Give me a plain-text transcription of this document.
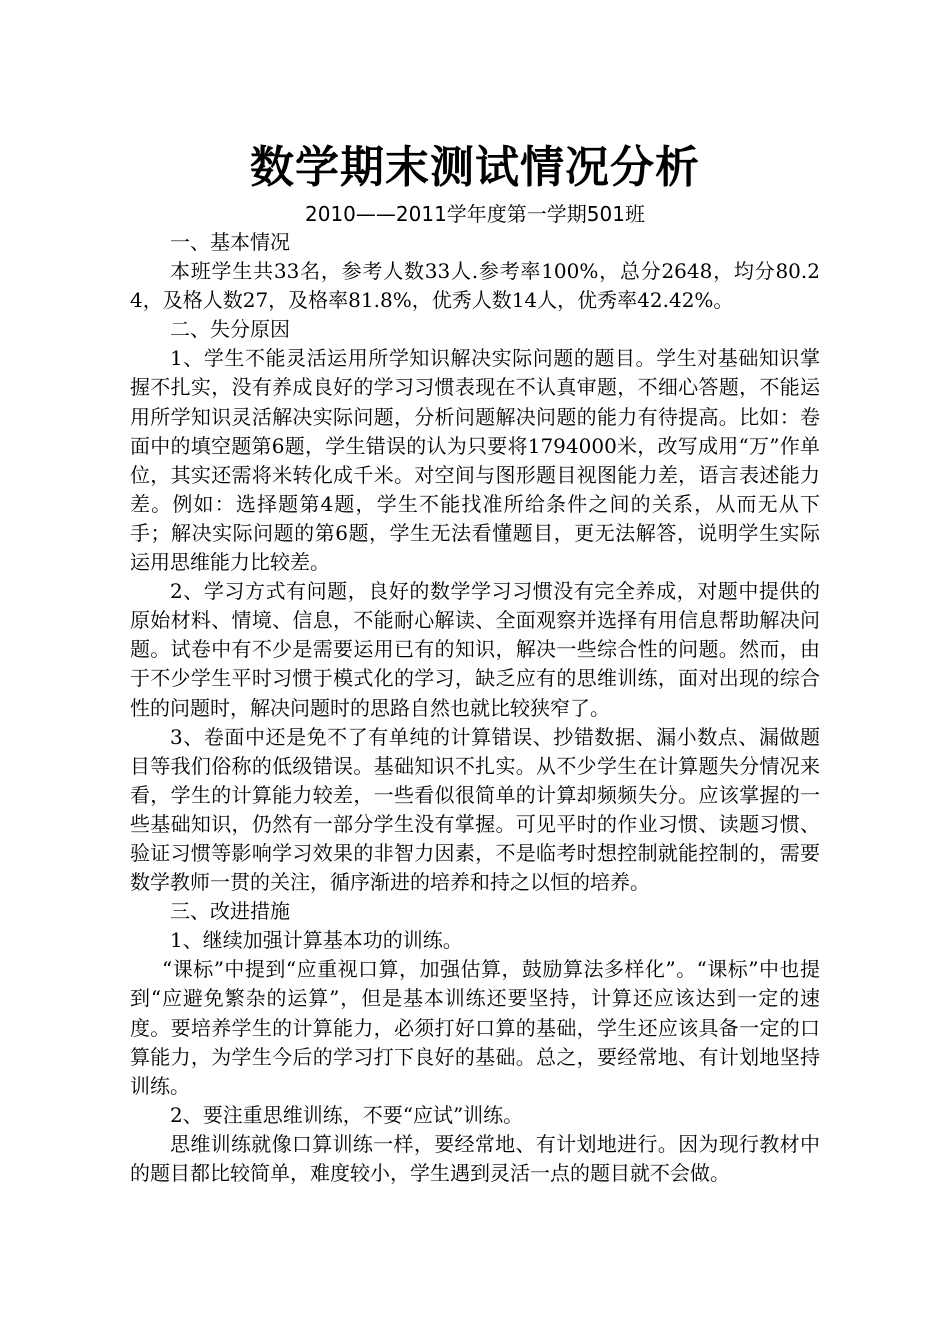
数学期末测试情况分析
2010——2011学年度第一学期501班

一、基本情况

本班学生共33名，参考人数33人.参考率100%，总分2648，均分80.24，及格人数27，及格率81.8%，优秀人数14人，优秀率42.42%。

二、失分原因

1、学生不能灵活运用所学知识解决实际问题的题目。学生对基础知识掌握不扎实，没有养成良好的学习习惯表现在不认真审题，不细心答题，不能运用所学知识灵活解决实际问题，分析问题解决问题的能力有待提高。比如：卷面中的填空题第6题，学生错误的认为只要将1794000米，改写成用“万”作单位，其实还需将米转化成千米。对空间与图形题目视图能力差，语言表述能力差。例如：选择题第4题，学生不能找准所给条件之间的关系，从而无从下手；解决实际问题的第6题，学生无法看懂题目，更无法解答，说明学生实际运用思维能力比较差。

2、学习方式有问题，良好的数学学习习惯没有完全养成，对题中提供的原始材料、情境、信息，不能耐心解读、全面观察并选择有用信息帮助解决问题。试卷中有不少是需要运用已有的知识，解决一些综合性的问题。然而，由于不少学生平时习惯于模式化的学习，缺乏应有的思维训练，面对出现的综合性的问题时，解决问题时的思路自然也就比较狭窄了。

3、卷面中还是免不了有单纯的计算错误、抄错数据、漏小数点、漏做题目等我们俗称的低级错误。基础知识不扎实。从不少学生在计算题失分情况来看，学生的计算能力较差，一些看似很简单的计算却频频失分。应该掌握的一些基础知识，仍然有一部分学生没有掌握。可见平时的作业习惯、读题习惯、验证习惯等影响学习效果的非智力因素，不是临考时想控制就能控制的，需要数学教师一贯的关注，循序渐进的培养和持之以恒的培养。

三、改进措施

1、继续加强计算基本功的训练。

“课标”中提到“应重视口算，加强估算，鼓励算法多样化”。“课标”中也提到“应避免繁杂的运算”，但是基本训练还要坚持，计算还应该达到一定的速度。要培养学生的计算能力，必须打好口算的基础，学生还应该具备一定的口算能力，为学生今后的学习打下良好的基础。总之，要经常地、有计划地坚持训练。

2、要注重思维训练，不要“应试”训练。

思维训练就像口算训练一样，要经常地、有计划地进行。因为现行教材中的题目都比较简单，难度较小，学生遇到灵活一点的题目就不会做。
